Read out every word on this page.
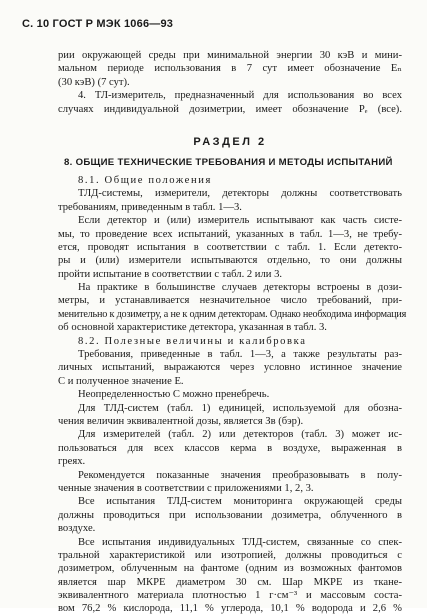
С. 10 ГОСТ Р МЭК 1066—93
рии окружающей среды при минимальной энергии 30 кэВ и мини-
мальном периоде использования в 7 сут имеет обозначение Eₙ
(30 кэВ) (7 сут).
4. ТЛ-измеритель, предназначенный для использования во всех
случаях индивидуальной дозиметрии, имеет обозначение Pₑ (все).
РАЗДЕЛ 2
8. ОБЩИЕ ТЕХНИЧЕСКИЕ ТРЕБОВАНИЯ И МЕТОДЫ ИСПЫТАНИЙ
8.1. Общие положения
ТЛД-системы, измерители, детекторы должны соответствовать
требованиям, приведенным в табл. 1—3.
Если детектор и (или) измеритель испытывают как часть систе-
мы, то проведение всех испытаний, указанных в табл. 1—3, не требу-
ется, проводят испытания в соответствии с табл. 1. Если детекто-
ры и (или) измерители испытываются отдельно, то они должны
пройти испытание в соответствии с табл. 2 или 3.
На практике в большинстве случаев детекторы встроены в дози-
метры, и устанавливается незначительное число требований, при-
менительно к дозиметру, а не к одним детекторам. Однако необходима информация
об основной характеристике детектора, указанная в табл. 3.
8.2. Полезные величины и калибровка
Требования, приведенные в табл. 1—3, а также результаты раз-
личных испытаний, выражаются через условно истинное значение
C и полученное значение E.
Неопределенностью C можно пренебречь.
Для ТЛД-систем (табл. 1) единицей, используемой для обозна-
чения величин эквивалентной дозы, является Зв (бэр).
Для измерителей (табл. 2) или детекторов (табл. 3) может ис-
пользоваться для всех классов керма в воздухе, выраженная в
греях.
Рекомендуется показанные значения преобразовывать в полу-
ченные значения в соответствии с приложениями 1, 2, 3.
Все испытания ТЛД-систем мониторинга окружающей среды
должны проводиться при использовании дозиметра, облученного в
воздухе.
Все испытания индивидуальных ТЛД-систем, связанные со спек-
тральной характеристикой или изотропией, должны проводиться с
дозиметром, облученным на фантоме (одним из возможных фантомов
является шар МКРЕ диаметром 30 см. Шар МКРЕ из ткане-
эквивалентного материала плотностью 1 г·см⁻³ и массовым соста-
вом 76,2 % кислорода, 11,1 % углерода, 10,1 % водорода и 2,6 %
